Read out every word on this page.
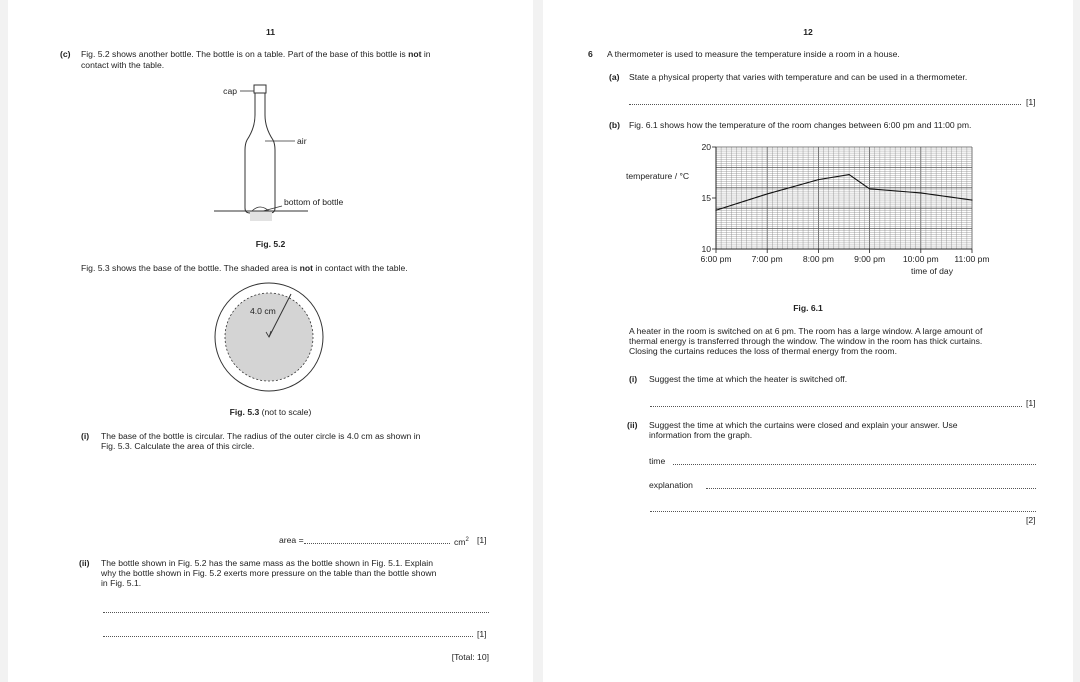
11
(c) Fig. 5.2 shows another bottle. The bottle is on a table. Part of the base of this bottle is not in
contact with the table.
cap
air
bottom of bottle
Fig. 5.2
Fig. 5.3 shows the base of the bottle. The shaded area is not in contact with the table.
4.0 cm
Fig. 5.3 (not to scale)
(i) The base of the bottle is circular. The radius of the outer circle is 4.0 cm as shown in
Fig. 5.3. Calculate the area of this circle.
area =	$cm^2$ [1]
(ii) The bottle shown in Fig. 5.2 has the same mass as the bottle shown in Fig. 5.1. Explain
why the bottle shown in Fig. 5.2 exerts more pressure on the table than the bottle shown
in Fig. 5.1.
[1]
[Total: 10]
12
6 A thermometer is used to measure the temperature inside a room in a house.
(a) State a physical property that varies with temperature and can be used in a thermometer.
[1]
(b) Fig. 6.1 shows how the temperature of the room changes between 6:00 pm and 11:00 pm.
10
15
20
6:00 pm 7:00 pm 8:00 pm 9:00 pm 10:00 pm 11:00 pm
temperature / °C
time of day
Fig. 6.1
A heater in the room is switched on at 6 pm. The room has a large window. A large amount of
thermal energy is transferred through the window. The window in the room has thick curtains.
Closing the curtains reduces the loss of thermal energy from the room.
(i) Suggest the time at which the heater is switched off.
[1]
(ii) Suggest the time at which the curtains were closed and explain your answer. Use
information from the graph.
time
explanation
[2]
